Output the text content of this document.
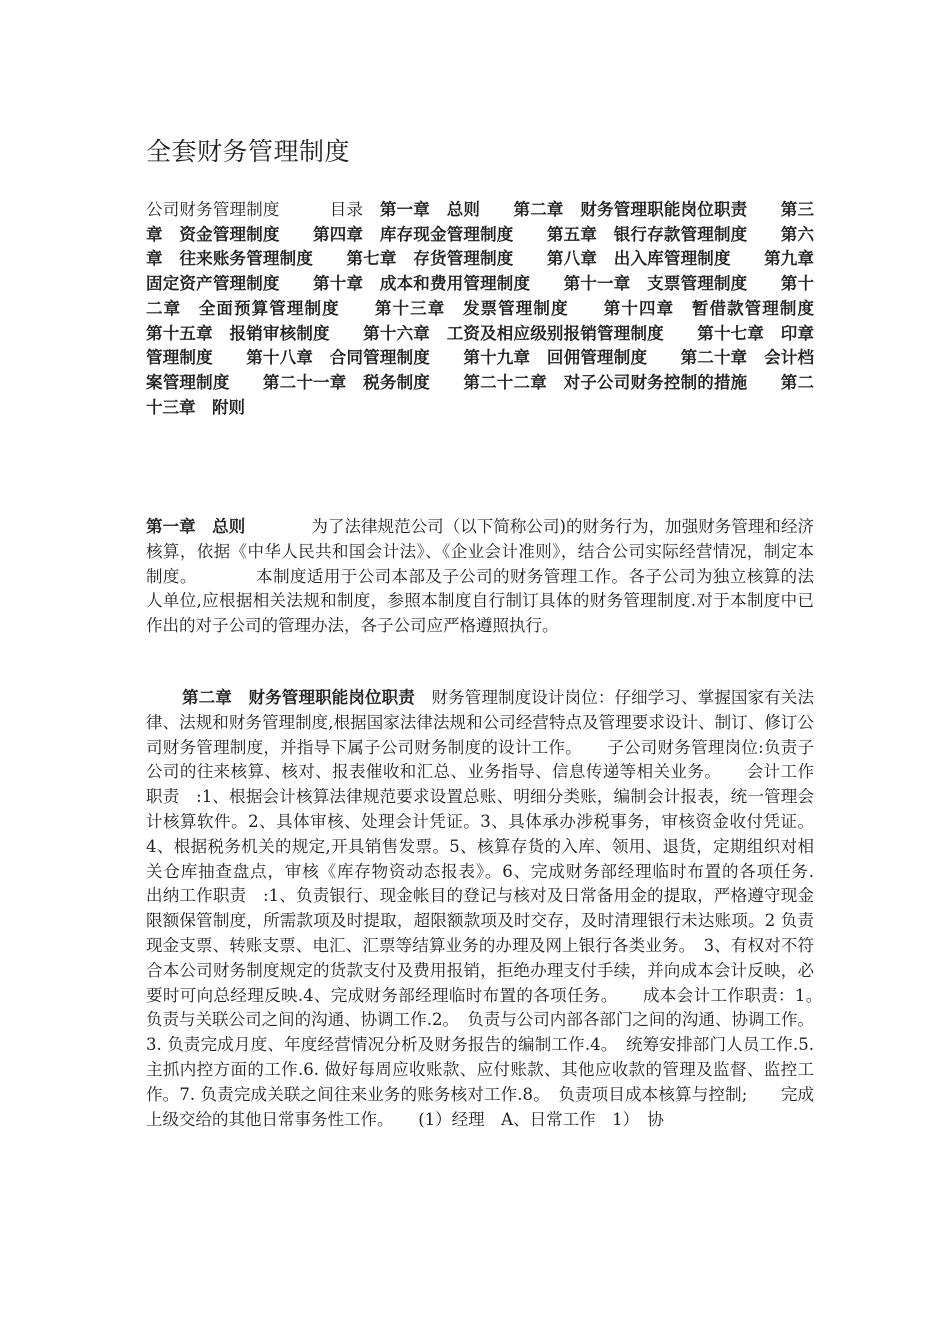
全套财务管理制度

公司财务管理制度　　　目录　第一章　总则　　第二章　财务管理职能岗位职责　　第三章　资金管理制度　　第四章　库存现金管理制度　　第五章　银行存款管理制度　　第六章　往来账务管理制度　　第七章　存货管理制度　　第八章　出入库管理制度　　第九章　固定资产管理制度　　第十章　成本和费用管理制度　　第十一章　支票管理制度　　第十二章　全面预算管理制度　　第十三章　发票管理制度　　第十四章　暂借款管理制度　　第十五章　报销审核制度　　第十六章　工资及相应级别报销管理制度　　第十七章　印章管理制度　　第十八章　合同管理制度　　第十九章　回佣管理制度　　第二十章　会计档案管理制度　　第二十一章　税务制度　　第二十二章　对子公司财务控制的措施　　第二十三章　附则

第一章　总则　　　　为了法律规范公司（以下简称公司)的财务行为，加强财务管理和经济核算，依据《中华人民共和国会计法》、《企业会计准则》，结合公司实际经营情况，制定本制度。　　　　本制度适用于公司本部及子公司的财务管理工作。各子公司为独立核算的法人单位,应根据相关法规和制度，参照本制度自行制订具体的财务管理制度.对于本制度中已作出的对子公司的管理办法，各子公司应严格遵照执行。

第二章　财务管理职能岗位职责　财务管理制度设计岗位：仔细学习、掌握国家有关法律、法规和财务管理制度,根据国家法律法规和公司经营特点及管理要求设计、制订、修订公司财务管理制度，并指导下属子公司财务制度的设计工作。　　子公司财务管理岗位:负责子公司的往来核算、核对、报表催收和汇总、业务指导、信息传递等相关业务。　　会计工作职责　:1、根据会计核算法律规范要求设置总账、明细分类账，编制会计报表，统一管理会计核算软件。2、具体审核、处理会计凭证。3、具体承办涉税事务，审核资金收付凭证。4、根据税务机关的规定,开具销售发票。5、核算存货的入库、领用、退货，定期组织对相关仓库抽查盘点，审核《库存物资动态报表》。6、完成财务部经理临时布置的各项任务.　　出纳工作职责　:1、负责银行、现金帐目的登记与核对及日常备用金的提取，严格遵守现金限额保管制度，所需款项及时提取，超限额款项及时交存，及时清理银行未达账项。2 负责现金支票、转账支票、电汇、汇票等结算业务的办理及网上银行各类业务。　3、有权对不符合本公司财务制度规定的货款支付及费用报销，拒绝办理支付手续，并向成本会计反映，必要时可向总经理反映.4、完成财务部经理临时布置的各项任务。　　成本会计工作职责：1。　负责与关联公司之间的沟通、协调工作.2。　负责与公司内部各部门之间的沟通、协调工作。3. 负责完成月度、年度经营情况分析及财务报告的编制工作.4。　统筹安排部门人员工作.5. 主抓内控方面的工作.6. 做好每周应收账款、应付账款、其他应收款的管理及监督、监控工作。7. 负责完成关联之间往来业务的账务核对工作.8。　负责项目成本核算与控制;　　完成上级交给的其他日常事务性工作。　　(1）经理　A、日常工作　1）　协
